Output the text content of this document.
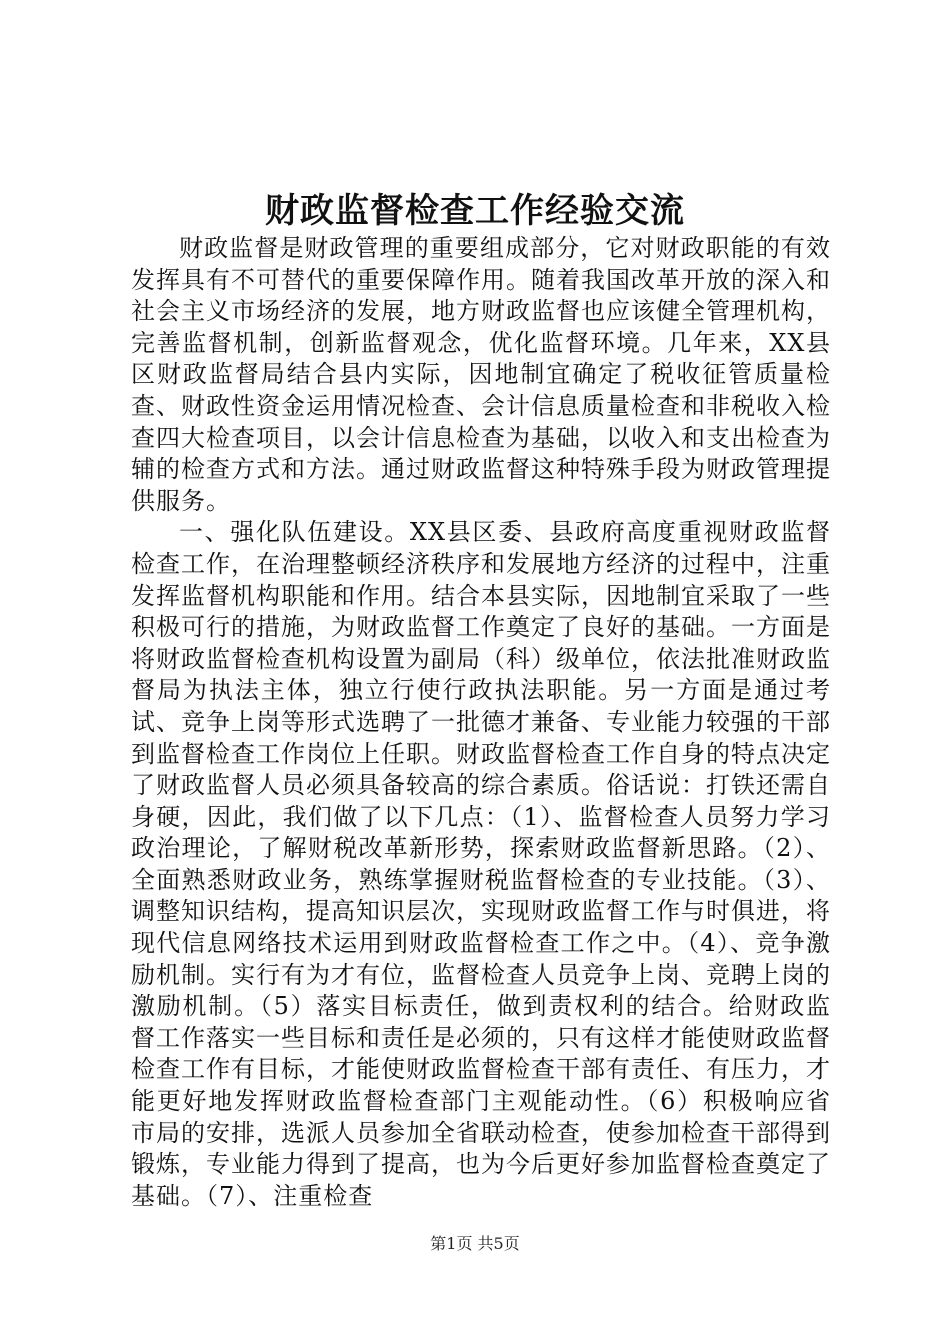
财政监督检查工作经验交流

财政监督是财政管理的重要组成部分，它对财政职能的有效发挥具有不可替代的重要保障作用。随着我国改革开放的深入和社会主义市场经济的发展，地方财政监督也应该健全管理机构，完善监督机制，创新监督观念，优化监督环境。几年来，XX县区财政监督局结合县内实际，因地制宜确定了税收征管质量检查、财政性资金运用情况检查、会计信息质量检查和非税收入检查四大检查项目，以会计信息检查为基础，以收入和支出检查为辅的检查方式和方法。通过财政监督这种特殊手段为财政管理提供服务。

一、强化队伍建设。XX县区委、县政府高度重视财政监督检查工作，在治理整顿经济秩序和发展地方经济的过程中，注重发挥监督机构职能和作用。结合本县实际，因地制宜采取了一些积极可行的措施，为财政监督工作奠定了良好的基础。一方面是将财政监督检查机构设置为副局（科）级单位，依法批准财政监督局为执法主体，独立行使行政执法职能。另一方面是通过考试、竞争上岗等形式选聘了一批德才兼备、专业能力较强的干部到监督检查工作岗位上任职。财政监督检查工作自身的特点决定了财政监督人员必须具备较高的综合素质。俗话说：打铁还需自身硬，因此，我们做了以下几点：（1）、监督检查人员努力学习政治理论，了解财税改革新形势，探索财政监督新思路。（2）、全面熟悉财政业务，熟练掌握财税监督检查的专业技能。（3）、调整知识结构，提高知识层次，实现财政监督工作与时俱进，将现代信息网络技术运用到财政监督检查工作之中。（4）、竞争激励机制。实行有为才有位，监督检查人员竞争上岗、竞聘上岗的激励机制。（5）落实目标责任，做到责权利的结合。给财政监督工作落实一些目标和责任是必须的，只有这样才能使财政监督检查工作有目标，才能使财政监督检查干部有责任、有压力，才能更好地发挥财政监督检查部门主观能动性。（6）积极响应省市局的安排，选派人员参加全省联动检查，使参加检查干部得到锻炼，专业能力得到了提高，也为今后更好参加监督检查奠定了基础。（7）、注重检查

第1页 共5页
